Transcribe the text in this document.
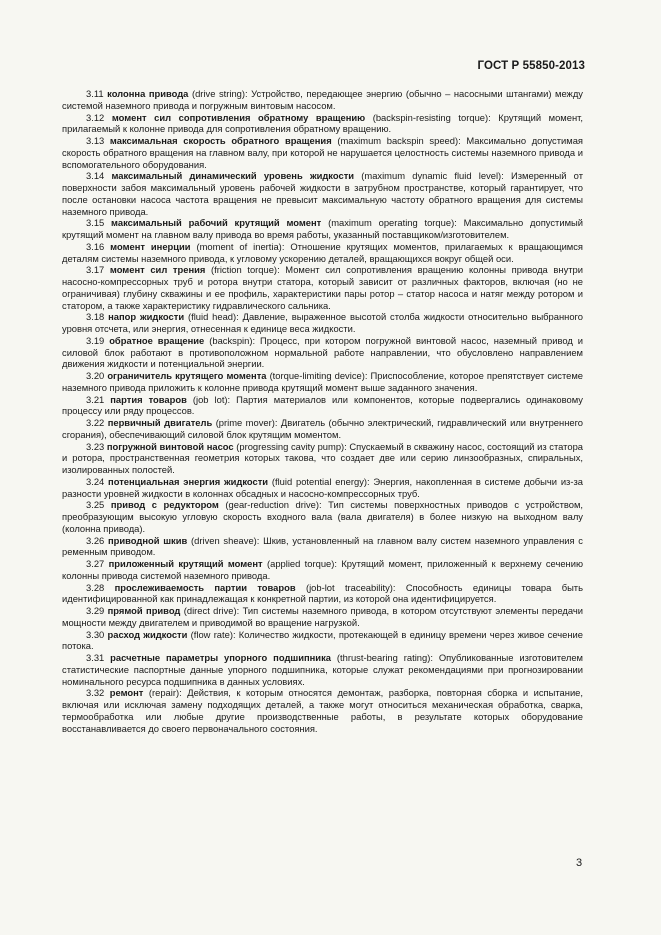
ГОСТ Р 55850-2013

3.11 колонна привода (drive string): Устройство, передающее энергию (обычно – насосными штангами) между системой наземного привода и погружным винтовым насосом.

3.12 момент сил сопротивления обратному вращению (backspin-resisting torque): Крутящий момент, прилагаемый к колонне привода для сопротивления обратному вращению.

3.13 максимальная скорость обратного вращения (maximum backspin speed): Максимально допустимая скорость обратного вращения на главном валу, при которой не нарушается целостность системы наземного привода и вспомогательного оборудования.

3.14 максимальный динамический уровень жидкости (maximum dynamic fluid level): Измеренный от поверхности забоя максимальный уровень рабочей жидкости в затрубном пространстве, который гарантирует, что после остановки насоса частота вращения не превысит максимальную частоту обратного вращения для системы наземного привода.

3.15 максимальный рабочий крутящий момент (maximum operating torque): Максимально допустимый крутящий момент на главном валу привода во время работы, указанный поставщиком/изготовителем.

3.16 момент инерции (moment of inertia): Отношение крутящих моментов, прилагаемых к вращающимся деталям системы наземного привода, к угловому ускорению деталей, вращающихся вокруг общей оси.

3.17 момент сил трения (friction torque): Момент сил сопротивления вращению колонны привода внутри насосно-компрессорных труб и ротора внутри статора, который зависит от различных факторов, включая (но не ограничивая) глубину скважины и ее профиль, характеристики пары ротор – статор насоса и натяг между ротором и статором, а также характеристику гидравлического сальника.

3.18 напор жидкости (fluid head): Давление, выраженное высотой столба жидкости относительно выбранного уровня отсчета, или энергия, отнесенная к единице веса жидкости.

3.19 обратное вращение (backspin): Процесс, при котором погружной винтовой насос, наземный привод и силовой блок работают в противоположном нормальной работе направлении, что обусловлено направлением движения жидкости и потенциальной энергии.

3.20 ограничитель крутящего момента (torque-limiting device): Приспособление, которое препятствует системе наземного привода приложить к колонне привода крутящий момент выше заданного значения.

3.21 партия товаров (job lot): Партия материалов или компонентов, которые подвергались одинаковому процессу или ряду процессов.

3.22 первичный двигатель (prime mover): Двигатель (обычно электрический, гидравлический или внутреннего сгорания), обеспечивающий силовой блок крутящим моментом.

3.23 погружной винтовой насос (progressing cavity pump): Спускаемый в скважину насос, состоящий из статора и ротора, пространственная геометрия которых такова, что создает две или серию линзообразных, спиральных, изолированных полостей.

3.24 потенциальная энергия жидкости (fluid potential energy): Энергия, накопленная в системе добычи из-за разности уровней жидкости в колоннах обсадных и насосно-компрессорных труб.

3.25 привод с редуктором (gear-reduction drive): Тип системы поверхностных приводов с устройством, преобразующим высокую угловую скорость входного вала (вала двигателя) в более низкую на выходном валу (колонна привода).

3.26 приводной шкив (driven sheave): Шкив, установленный на главном валу систем наземного управления с ременным приводом.

3.27 приложенный крутящий момент (applied torque): Крутящий момент, приложенный к верхнему сечению колонны привода системой наземного привода.

3.28 прослеживаемость партии товаров (job-lot traceability): Способность единицы товара быть идентифицированной как принадлежащая к конкретной партии, из которой она идентифицируется.

3.29 прямой привод (direct drive): Тип системы наземного привода, в котором отсутствуют элементы передачи мощности между двигателем и приводимой во вращение нагрузкой.

3.30 расход жидкости (flow rate): Количество жидкости, протекающей в единицу времени через живое сечение потока.

3.31 расчетные параметры упорного подшипника (thrust-bearing rating): Опубликованные изготовителем статистические паспортные данные упорного подшипника, которые служат рекомендациями при прогнозировании номинального ресурса подшипника в данных условиях.

3.32 ремонт (repair): Действия, к которым относятся демонтаж, разборка, повторная сборка и испытание, включая или исключая замену подходящих деталей, а также могут относиться механическая обработка, сварка, термообработка или любые другие производственные работы, в результате которых оборудование восстанавливается до своего первоначального состояния.

3
